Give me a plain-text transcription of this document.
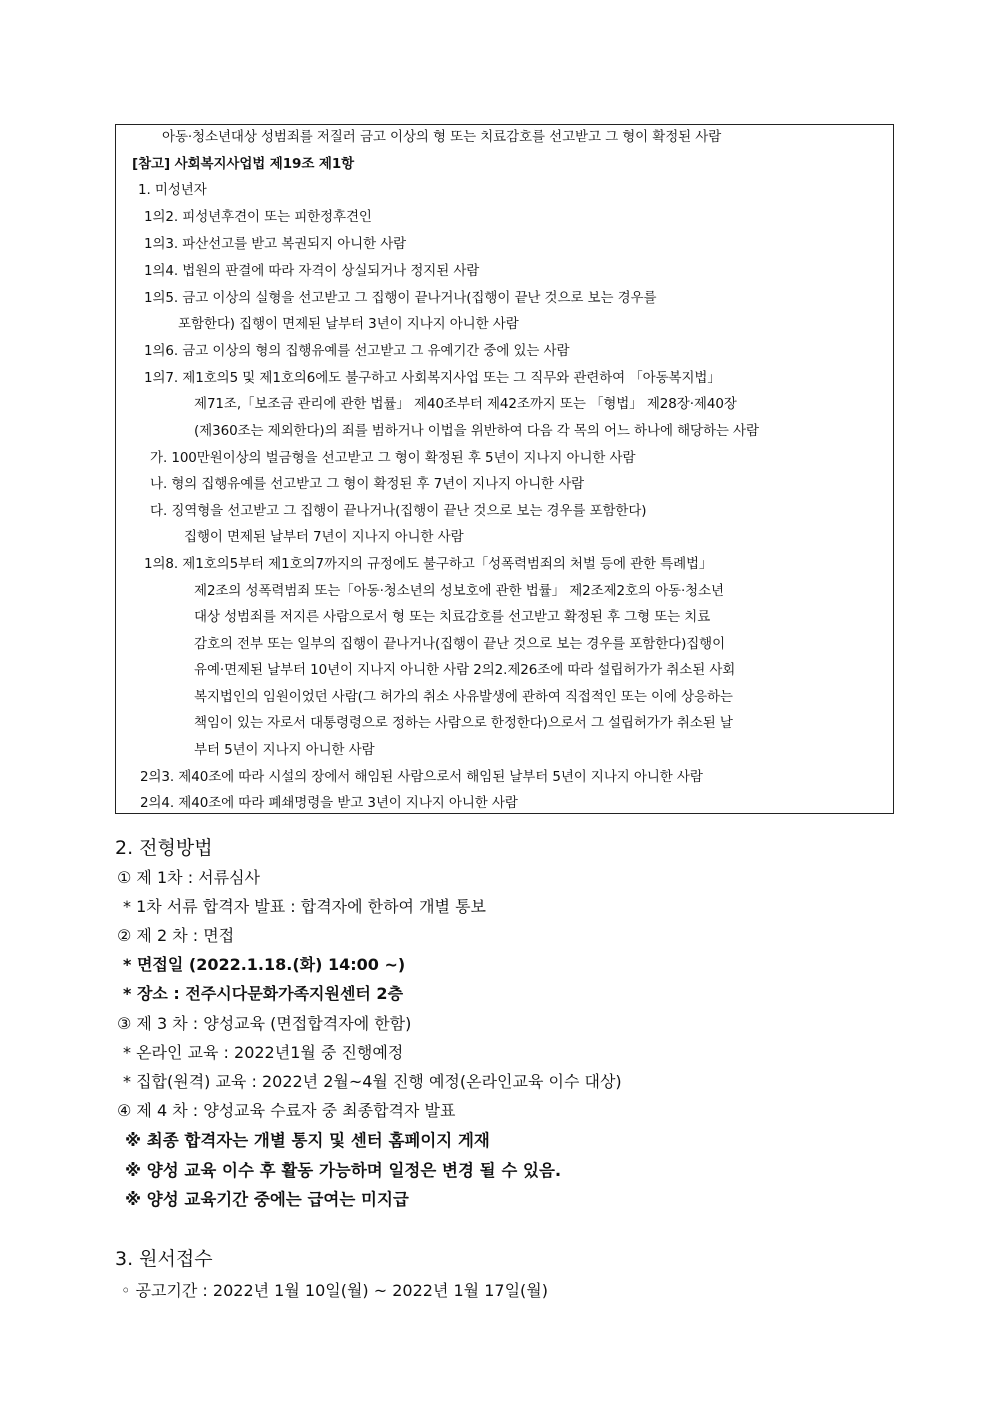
아동·청소년대상 성범죄를 저질러 금고 이상의 형 또는 치료감호를 선고받고 그 형이 확정된 사람
[참고] 사회복지사업법 제19조 제1항
1. 미성년자
1의2. 피성년후견이 또는 피한정후견인
1의3. 파산선고를 받고 복권되지 아니한 사람
1의4. 법원의 판결에 따라 자격이 상실되거나 정지된 사람
1의5. 금고 이상의 실형을 선고받고 그 집행이 끝나거나(집행이 끝난 것으로 보는 경우를
포함한다) 집행이 면제된 날부터 3년이 지나지 아니한 사람
1의6. 금고 이상의 형의 집행유예를 선고받고 그 유예기간 중에 있는 사람
1의7. 제1호의5 및 제1호의6에도 불구하고 사회복지사업 또는 그 직무와 관련하여 「아동복지법」
제71조,「보조금 관리에 관한 법률」 제40조부터 제42조까지 또는 「형법」 제28장·제40장
(제360조는 제외한다)의 죄를 범하거나 이법을 위반하여 다음 각 목의 어느 하나에 해당하는 사람
가. 100만원이상의 벌금형을 선고받고 그 형이 확정된 후 5년이 지나지 아니한 사람
나. 형의 집행유예를 선고받고 그 형이 확정된 후 7년이 지나지 아니한 사람
다. 징역형을 선고받고 그 집행이 끝나거나(집행이 끝난 것으로 보는 경우를 포함한다)
집행이 면제된 날부터 7년이 지나지 아니한 사람
1의8. 제1호의5부터 제1호의7까지의 규정에도 불구하고「성폭력범죄의 처벌 등에 관한 특례법」
제2조의 성폭력범죄 또는「아동·청소년의 성보호에 관한 법률」 제2조제2호의 아동·청소년
대상 성범죄를 저지른 사람으로서 형 또는 치료감호를 선고받고 확정된 후 그형 또는 치료
감호의 전부 또는 일부의 집행이 끝나거나(집행이 끝난 것으로 보는 경우를 포함한다)집행이
유예·면제된 날부터 10년이 지나지 아니한 사람 2의2.제26조에 따라 설립허가가 취소된 사회
복지법인의 임원이었던 사람(그 허가의 취소 사유발생에 관하여 직접적인 또는 이에 상응하는
책임이 있는 자로서 대통령령으로 정하는 사람으로 한정한다)으로서 그 설립허가가 취소된 날
부터 5년이 지나지 아니한 사람
2의3. 제40조에 따라 시설의 장에서 해임된 사람으로서 해임된 날부터 5년이 지나지 아니한 사람
2의4. 제40조에 따라 폐쇄명령을 받고 3년이 지나지 아니한 사람
2. 전형방법
① 제 1차 : 서류심사
* 1차 서류 합격자 발표 : 합격자에 한하여 개별 통보
② 제 2 차 : 면접
* 면접일 (2022.1.18.(화) 14:00 ~)
* 장소 : 전주시다문화가족지원센터 2층
③ 제 3 차 : 양성교육 (면접합격자에 한함)
* 온라인 교육 : 2022년1월 중 진행예정
* 집합(원격) 교육 : 2022년 2월~4월 진행 예정(온라인교육 이수 대상)
④ 제 4 차 : 양성교육 수료자 중 최종합격자 발표
※ 최종 합격자는 개별 통지 및 센터 홈페이지 게재
※ 양성 교육 이수 후 활동 가능하며 일정은 변경 될 수 있음.
※ 양성 교육기간 중에는 급여는 미지급
3. 원서접수
◦ 공고기간 : 2022년 1월 10일(월) ~ 2022년 1월 17일(월)
